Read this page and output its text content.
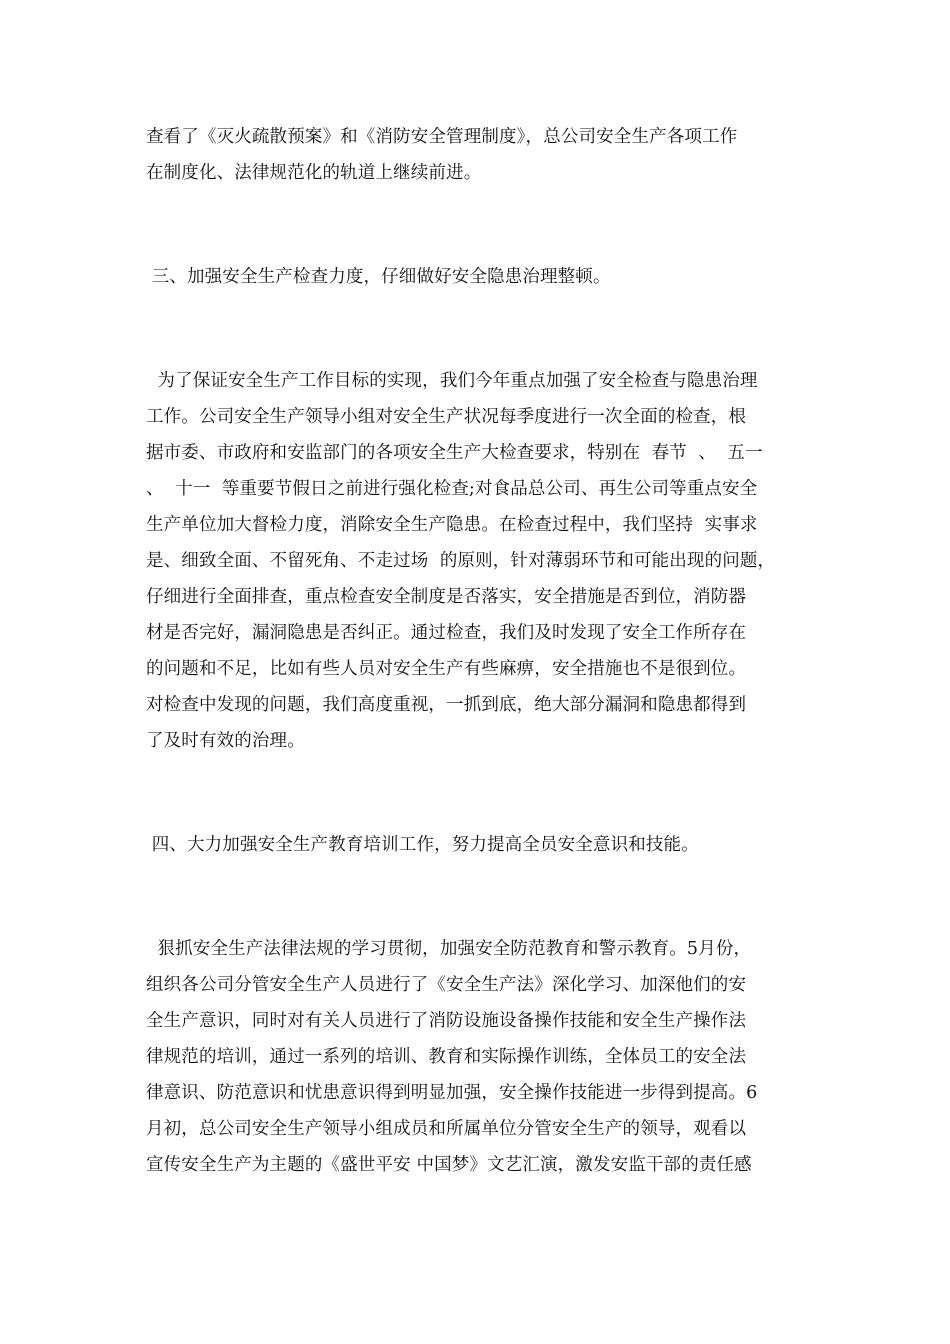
查看了《灭火疏散预案》和《消防安全管理制度》，总公司安全生产各项工作
在制度化、法律规范化的轨道上继续前进。
三、加强安全生产检查力度，仔细做好安全隐患治理整顿。
为了保证安全生产工作目标的实现，我们今年重点加强了安全检查与隐患治理
工作。公司安全生产领导小组对安全生产状况每季度进行一次全面的检查，根
据市委、市政府和安监部门的各项安全生产大检查要求，特别在  春节  、  五一
、  十一  等重要节假日之前进行强化检查;对食品总公司、再生公司等重点安全
生产单位加大督检力度，消除安全生产隐患。在检查过程中，我们坚持  实事求
是、细致全面、不留死角、不走过场  的原则，针对薄弱环节和可能出现的问题，
仔细进行全面排查，重点检查安全制度是否落实，安全措施是否到位，消防器
材是否完好，漏洞隐患是否纠正。通过检查，我们及时发现了安全工作所存在
的问题和不足，比如有些人员对安全生产有些麻痹，安全措施也不是很到位。
对检查中发现的问题，我们高度重视，一抓到底，绝大部分漏洞和隐患都得到
了及时有效的治理。
四、大力加强安全生产教育培训工作，努力提高全员安全意识和技能。
狠抓安全生产法律法规的学习贯彻，加强安全防范教育和警示教育。5月份，
组织各公司分管安全生产人员进行了《安全生产法》深化学习、加深他们的安
全生产意识，同时对有关人员进行了消防设施设备操作技能和安全生产操作法
律规范的培训，通过一系列的培训、教育和实际操作训练，全体员工的安全法
律意识、防范意识和忧患意识得到明显加强，安全操作技能进一步得到提高。6
月初，总公司安全生产领导小组成员和所属单位分管安全生产的领导，观看以
宣传安全生产为主题的《盛世平安 中国梦》文艺汇演，激发安监干部的责任感
